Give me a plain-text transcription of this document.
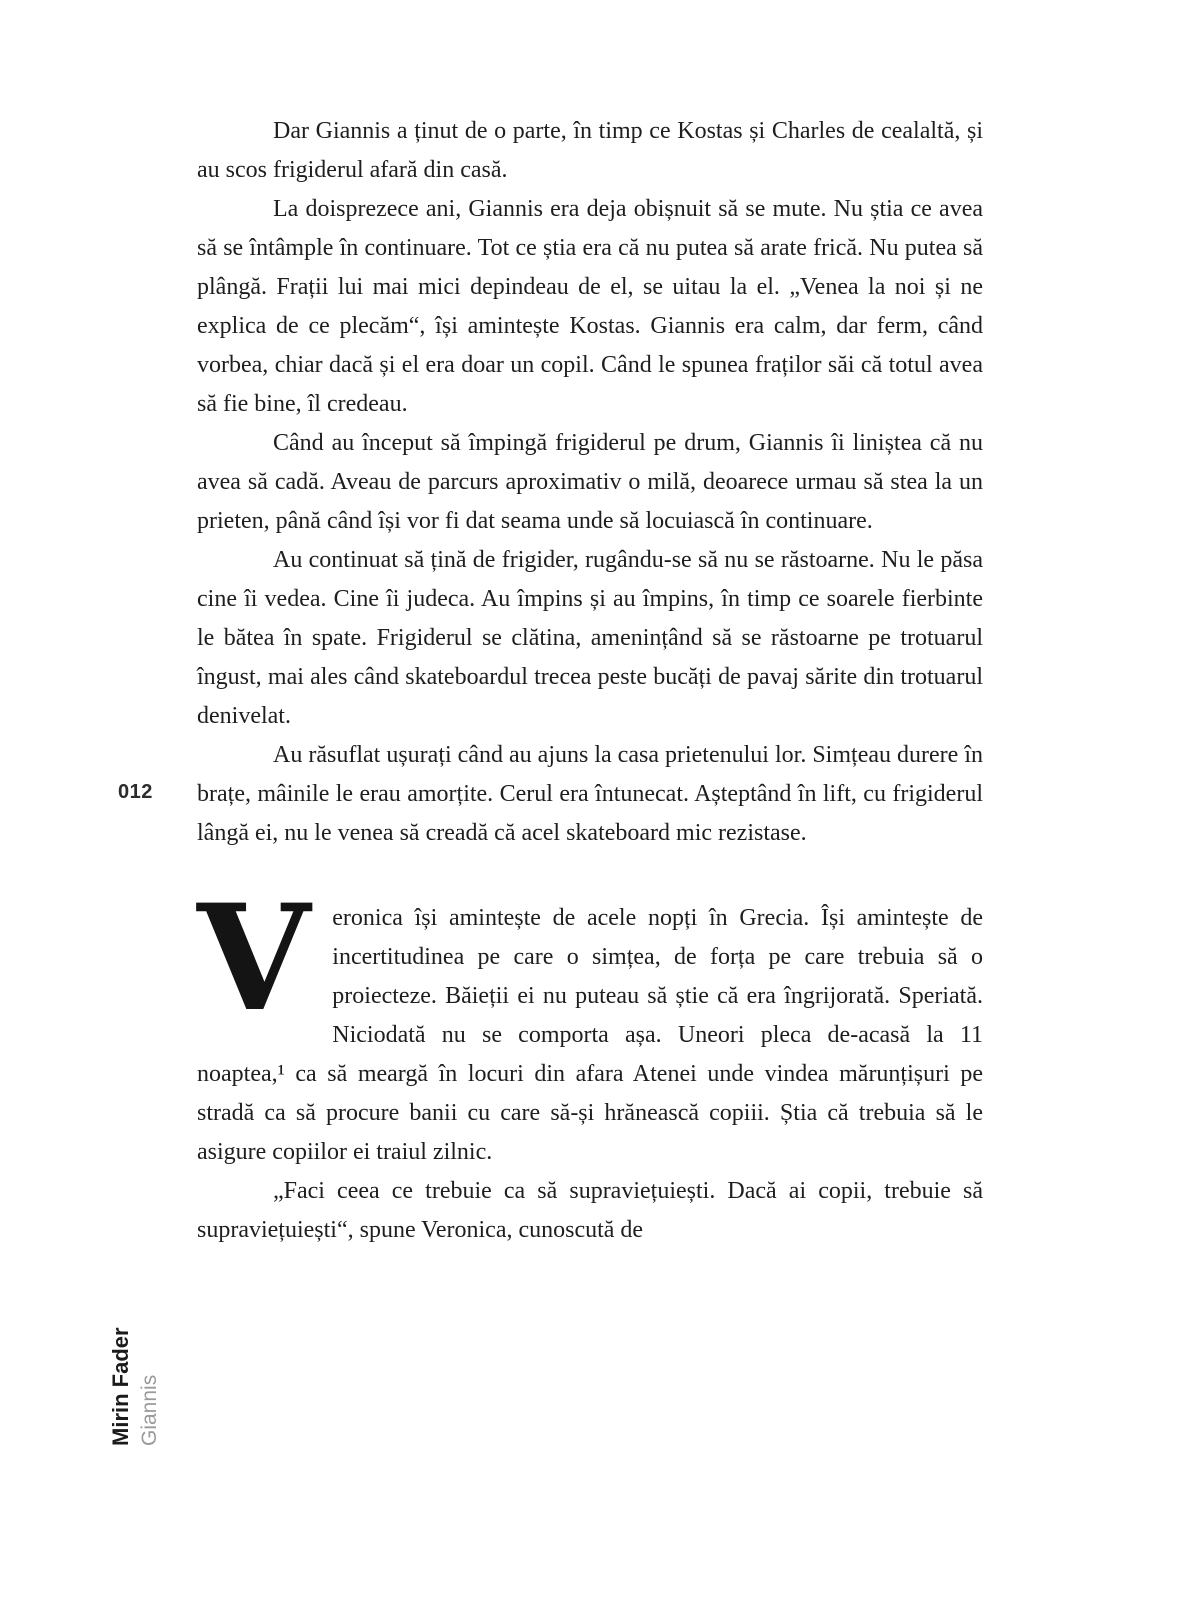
012
Mirin Fader Giannis

Dar Giannis a ținut de o parte, în timp ce Kostas și Charles de cealaltă, și au scos frigiderul afară din casă.

La doisprezece ani, Giannis era deja obișnuit să se mute. Nu știa ce avea să se întâmple în continuare. Tot ce știa era că nu putea să arate frică. Nu putea să plângă. Frații lui mai mici depindeau de el, se uitau la el. „Venea la noi și ne explica de ce plecăm“, își amintește Kostas. Giannis era calm, dar ferm, când vorbea, chiar dacă și el era doar un copil. Când le spunea fraților săi că totul avea să fie bine, îl credeau.

Când au început să împingă frigiderul pe drum, Giannis îi liniștea că nu avea să cadă. Aveau de parcurs aproximativ o milă, deoarece urmau să stea la un prieten, până când își vor fi dat seama unde să locuiască în continuare.

Au continuat să țină de frigider, rugându-se să nu se răstoarne. Nu le păsa cine îi vedea. Cine îi judeca. Au împins și au împins, în timp ce soarele fierbinte le bătea în spate. Frigiderul se clătina, amenințând să se răstoarne pe trotuarul îngust, mai ales când skateboardul trecea peste bucăți de pavaj sărite din trotuarul denivelat.

Au răsuflat ușurați când au ajuns la casa prietenului lor. Simțeau durere în brațe, mâinile le erau amorțite. Cerul era întunecat. Așteptând în lift, cu frigiderul lângă ei, nu le venea să creadă că acel skateboard mic rezistase.

Veronica își amintește de acele nopți în Grecia. Își amintește de incertitudinea pe care o simțea, de forța pe care trebuia să o proiecteze. Băieții ei nu puteau să știe că era îngrijorată. Speriată. Niciodată nu se comporta așa. Uneori pleca de-acasă la 11 noaptea,¹ ca să meargă în locuri din afara Atenei unde vindea mărunțișuri pe stradă ca să procure banii cu care să-și hrănească copiii. Știa că trebuia să le asigure copiilor ei traiul zilnic.

„Faci ceea ce trebuie ca să supraviețuiești. Dacă ai copii, trebuie să supraviețuiești“, spune Veronica, cunoscută de
